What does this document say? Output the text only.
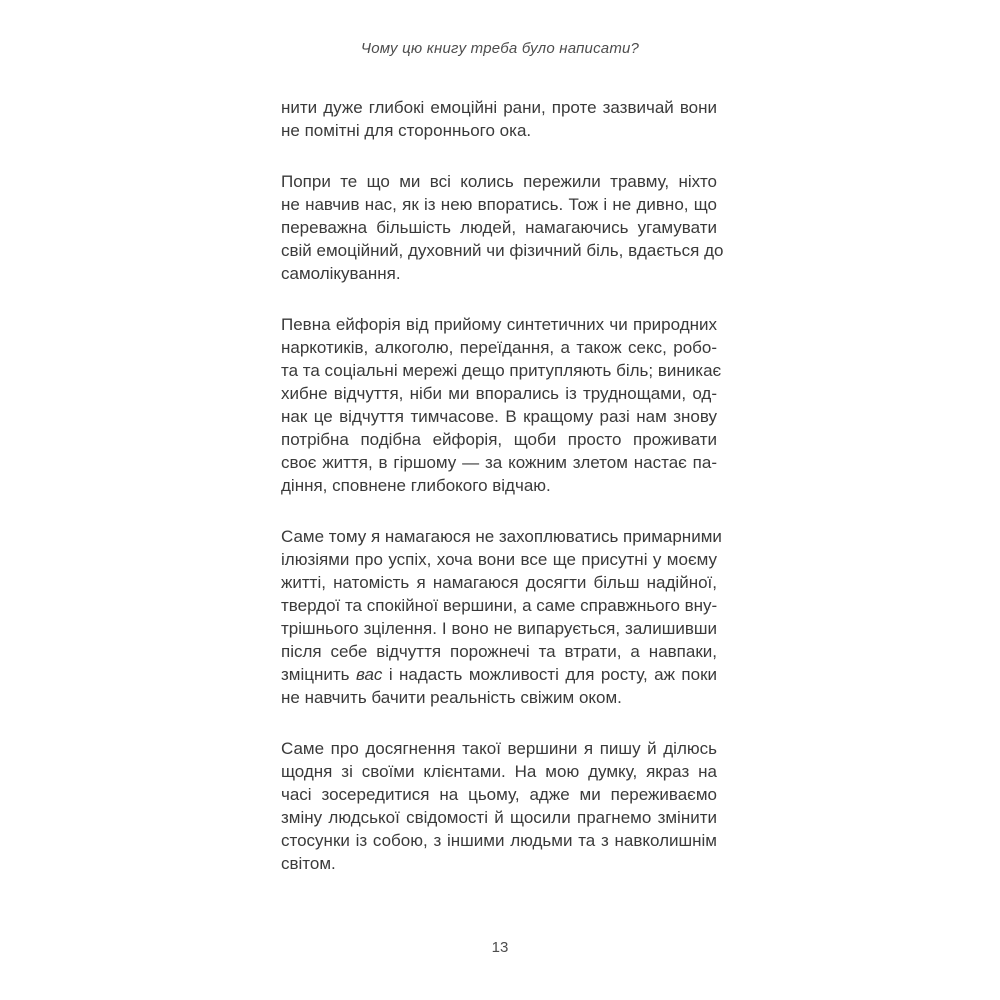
Чому цю книгу треба було написати?
нити дуже глибокі емоційні рани, проте зазвичай вони
не помітні для стороннього ока.
Попри те що ми всі колись пережили травму, ніхто
не навчив нас, як із нею впоратись. Тож і не дивно, що
переважна більшість людей, намагаючись угамувати
свій емоційний, духовний чи фізичний біль, вдається до
самолікування.
Певна ейфорія від прийому синтетичних чи природних
наркотиків, алкоголю, переїдання, а також секс, робо-
та та соціальні мережі дещо притупляють біль; виникає
хибне відчуття, ніби ми впорались із труднощами, од-
нак це відчуття тимчасове. В кращому разі нам знову
потрібна подібна ейфорія, щоби просто проживати
своє життя, в гіршому — за кожним злетом настає па-
діння, сповнене глибокого відчаю.
Саме тому я намагаюся не захоплюватись примарними
ілюзіями про успіх, хоча вони все ще присутні у моєму
житті, натомість я намагаюся досягти більш надійної,
твердої та спокійної вершини, а саме справжнього вну-
трішнього зцілення. І воно не випарується, залишивши
після себе відчуття порожнечі та втрати, а навпаки,
зміцнить вас і надасть можливості для росту, аж поки
не навчить бачити реальність свіжим оком.
Саме про досягнення такої вершини я пишу й ділюсь
щодня зі своїми клієнтами. На мою думку, якраз на
часі зосередитися на цьому, адже ми переживаємо
зміну людської свідомості й щосили прагнемо змінити
стосунки із собою, з іншими людьми та з навколишнім
світом.
13
